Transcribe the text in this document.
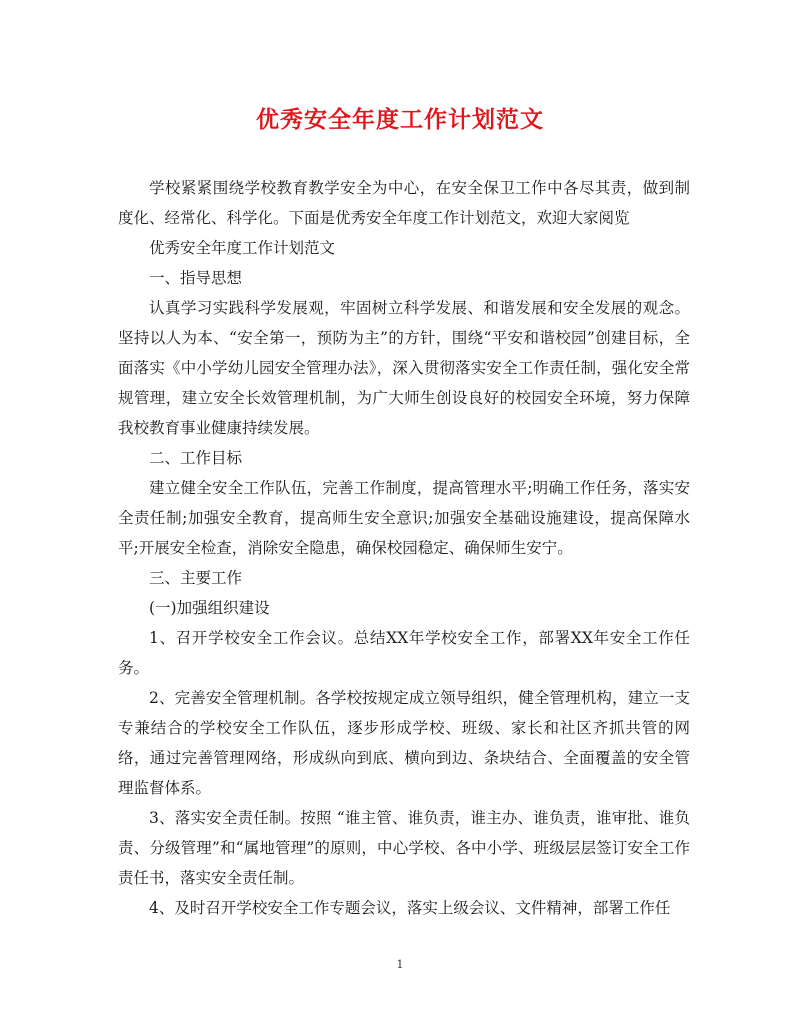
优秀安全年度工作计划范文

学校紧紧围绕学校教育教学安全为中心，在安全保卫工作中各尽其责，做到制度化、经常化、科学化。下面是优秀安全年度工作计划范文，欢迎大家阅览

优秀安全年度工作计划范文

一、指导思想

认真学习实践科学发展观，牢固树立科学发展、和谐发展和安全发展的观念。坚持以人为本、“安全第一，预防为主”的方针，围绕“平安和谐校园”创建目标，全面落实《中小学幼儿园安全管理办法》，深入贯彻落实安全工作责任制，强化安全常规管理，建立安全长效管理机制，为广大师生创设良好的校园安全环境，努力保障我校教育事业健康持续发展。

二、工作目标

建立健全安全工作队伍，完善工作制度，提高管理水平;明确工作任务，落实安全责任制;加强安全教育，提高师生安全意识;加强安全基础设施建设，提高保障水平;开展安全检查，消除安全隐患，确保校园稳定、确保师生安宁。

三、主要工作

(一)加强组织建设

1、召开学校安全工作会议。总结XX年学校安全工作，部署XX年安全工作任务。

2、完善安全管理机制。各学校按规定成立领导组织，健全管理机构，建立一支专兼结合的学校安全工作队伍，逐步形成学校、班级、家长和社区齐抓共管的网络，通过完善管理网络，形成纵向到底、横向到边、条块结合、全面覆盖的安全管理监督体系。

3、落实安全责任制。按照 “谁主管、谁负责，谁主办、谁负责，谁审批、谁负责、分级管理”和“属地管理”的原则，中心学校、各中小学、班级层层签订安全工作责任书，落实安全责任制。

4、及时召开学校安全工作专题会议，落实上级会议、文件精神，部署工作任

1
